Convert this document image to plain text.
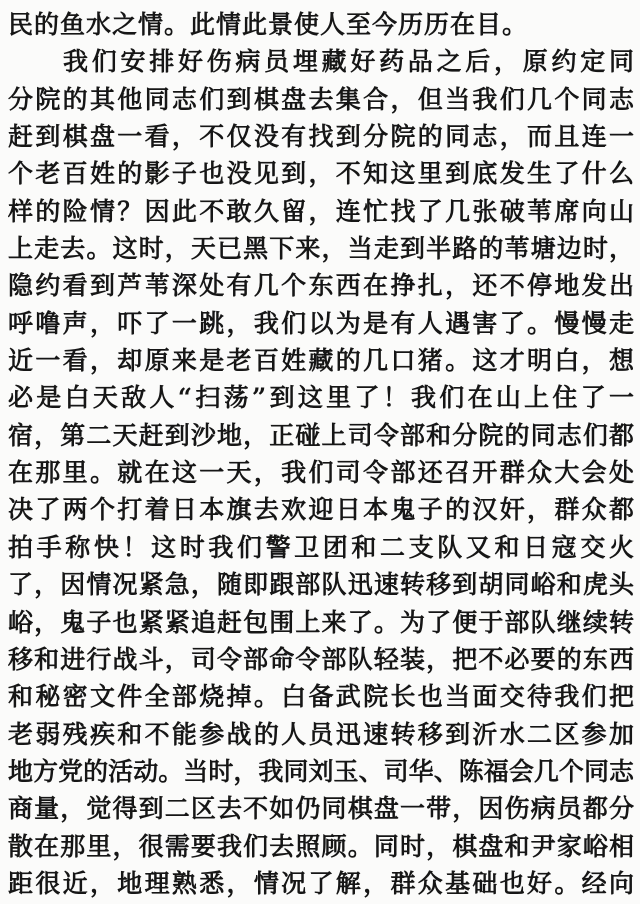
民的鱼水之情。此情此景使人至今历历在目。
我们安排好伤病员埋藏好药品之后，原约定同
分院的其他同志们到棋盘去集合，但当我们几个同志
赶到棋盘一看，不仅没有找到分院的同志，而且连一
个老百姓的影子也没见到，不知这里到底发生了什么
样的险情？因此不敢久留，连忙找了几张破苇席向山
上走去。这时，天已黑下来，当走到半路的苇塘边时，
隐约看到芦苇深处有几个东西在挣扎，还不停地发出
呼噜声，吓了一跳，我们以为是有人遇害了。慢慢走
近一看，却原来是老百姓藏的几口猪。这才明白，想
必是白天敌人“扫荡”到这里了！我们在山上住了一
宿，第二天赶到沙地，正碰上司令部和分院的同志们都
在那里。就在这一天，我们司令部还召开群众大会处
决了两个打着日本旗去欢迎日本鬼子的汉奸，群众都
拍手称快！这时我们警卫团和二支队又和日寇交火
了，因情况紧急，随即跟部队迅速转移到胡同峪和虎头
峪，鬼子也紧紧追赶包围上来了。为了便于部队继续转
移和进行战斗，司令部命令部队轻装，把不必要的东西
和秘密文件全部烧掉。白备武院长也当面交待我们把
老弱残疾和不能参战的人员迅速转移到沂水二区参加
地方党的活动。当时，我同刘玉、司华、陈福会几个同志
商量，觉得到二区去不如仍同棋盘一带，因伤病员都分
散在那里，很需要我们去照顾。同时，棋盘和尹家峪相
距很近，地理熟悉，情况了解，群众基础也好。经向
